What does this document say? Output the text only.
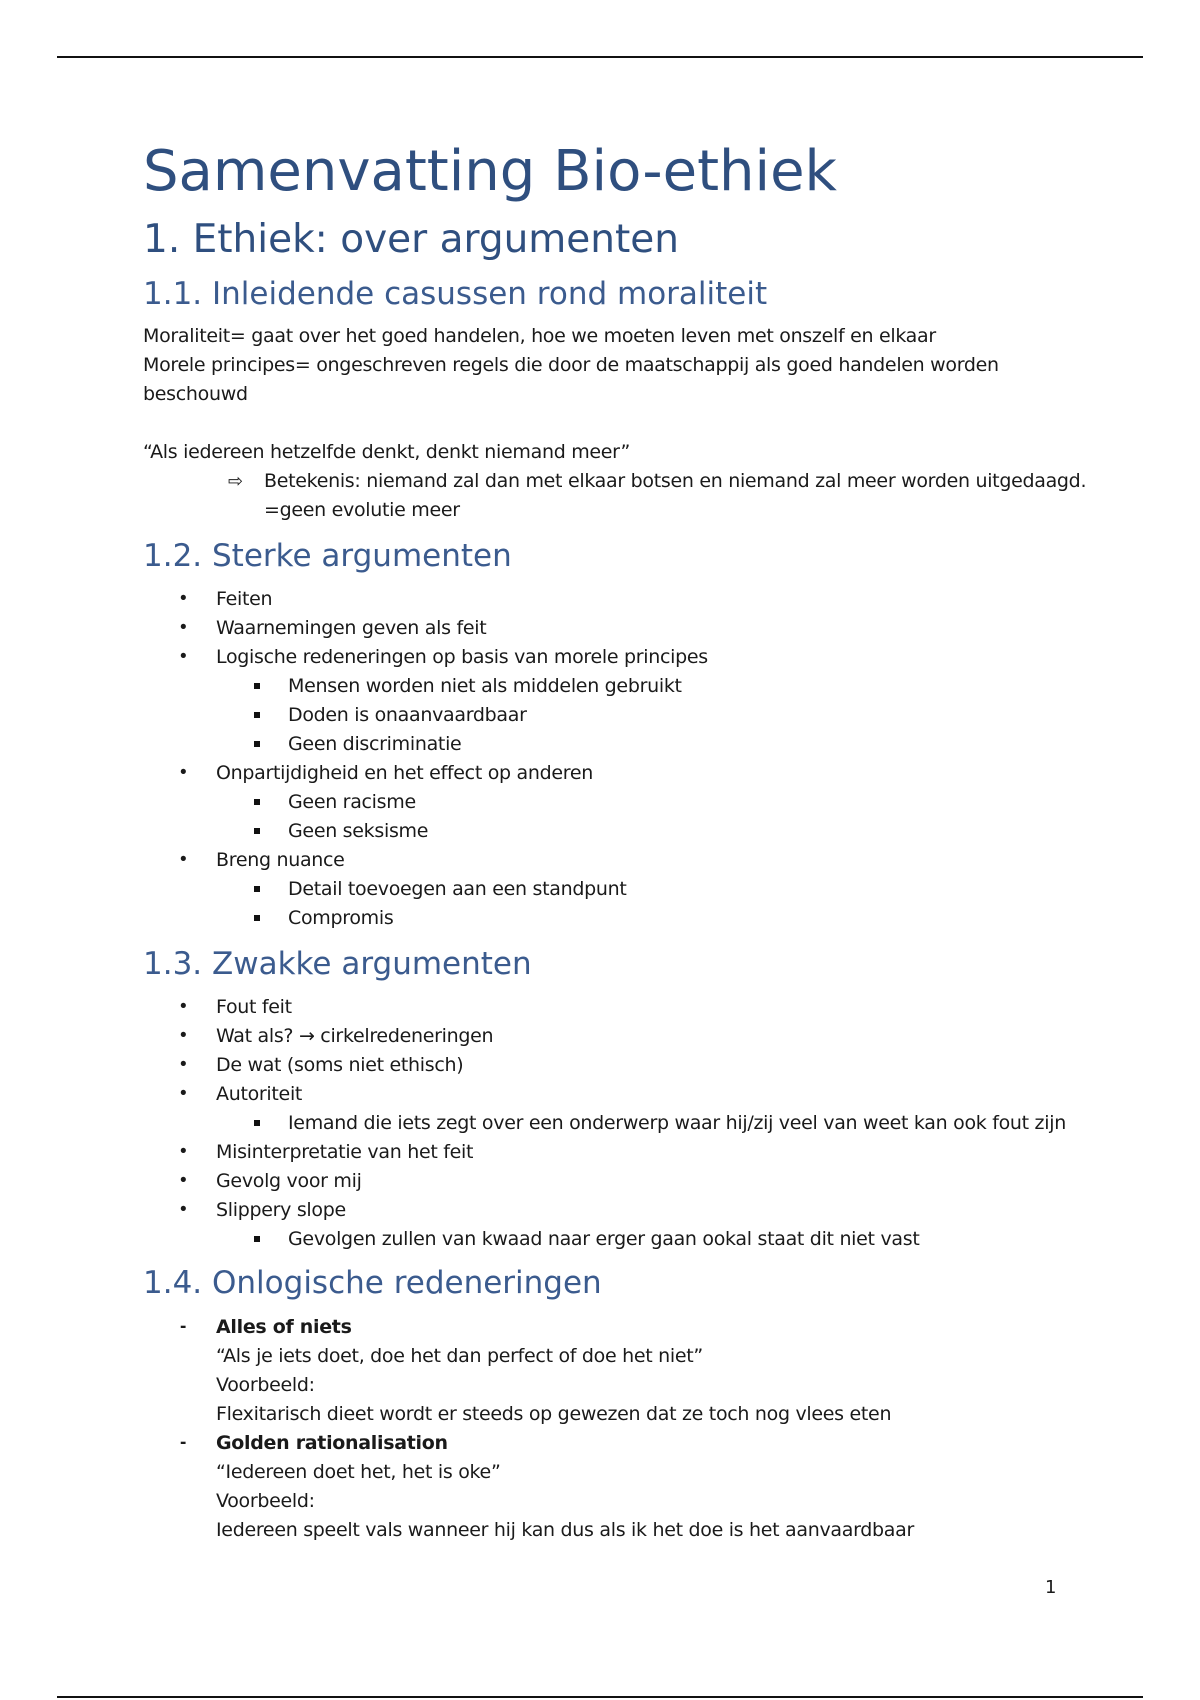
Samenvatting Bio-ethiek
1. Ethiek: over argumenten
1.1. Inleidende casussen rond moraliteit
Moraliteit= gaat over het goed handelen, hoe we moeten leven met onszelf en elkaar
Morele principes= ongeschreven regels die door de maatschappij als goed handelen worden
beschouwd
“Als iedereen hetzelfde denkt, denkt niemand meer”
⇨ Betekenis: niemand zal dan met elkaar botsen en niemand zal meer worden uitgedaagd.
=geen evolutie meer
1.2. Sterke argumenten
• Feiten
• Waarnemingen geven als feit
• Logische redeneringen op basis van morele principes
Mensen worden niet als middelen gebruikt
Doden is onaanvaardbaar
Geen discriminatie
• Onpartijdigheid en het effect op anderen
Geen racisme
Geen seksisme
• Breng nuance
Detail toevoegen aan een standpunt
Compromis
1.3. Zwakke argumenten
• Fout feit
• Wat als? → cirkelredeneringen
• De wat (soms niet ethisch)
• Autoriteit
Iemand die iets zegt over een onderwerp waar hij/zij veel van weet kan ook fout zijn
• Misinterpretatie van het feit
• Gevolg voor mij
• Slippery slope
Gevolgen zullen van kwaad naar erger gaan ookal staat dit niet vast
1.4. Onlogische redeneringen
- Alles of niets
“Als je iets doet, doe het dan perfect of doe het niet”
Voorbeeld:
Flexitarisch dieet wordt er steeds op gewezen dat ze toch nog vlees eten
- Golden rationalisation
“Iedereen doet het, het is oke”
Voorbeeld:
Iedereen speelt vals wanneer hij kan dus als ik het doe is het aanvaardbaar
1
